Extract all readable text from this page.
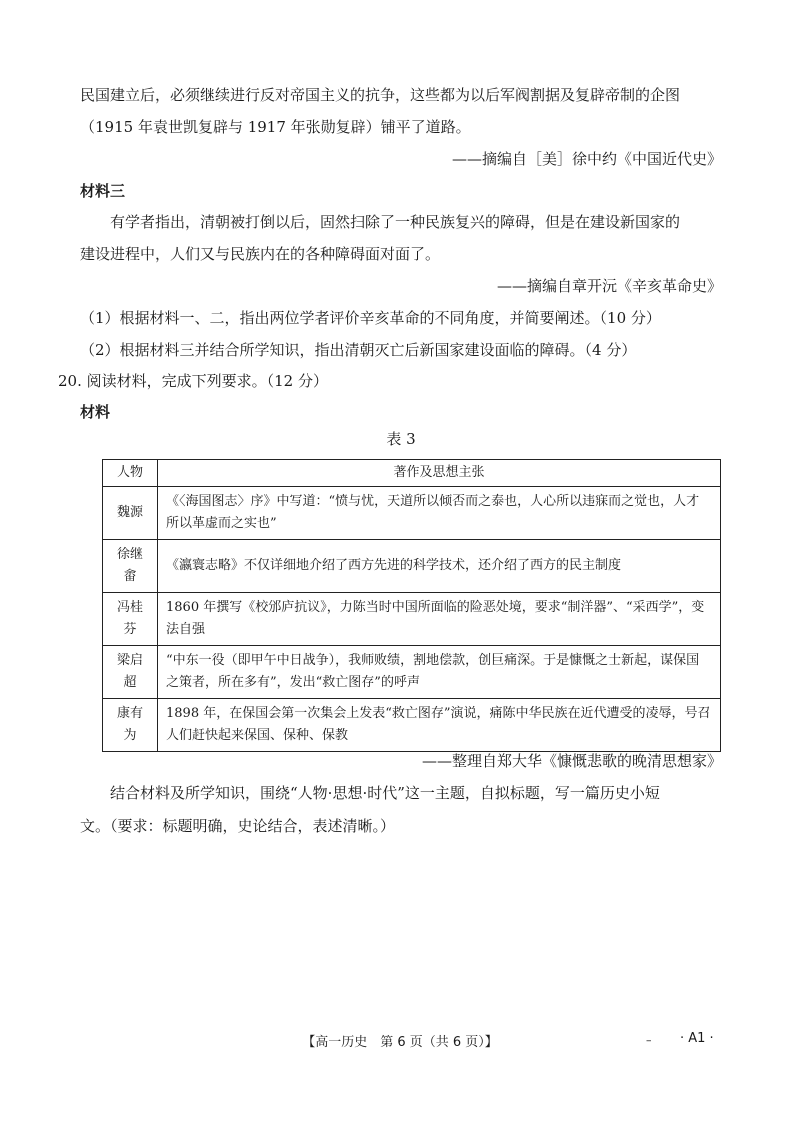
民国建立后，必须继续进行反对帝国主义的抗争，这些都为以后军阀割据及复辟帝制的企图
（1915 年袁世凯复辟与 1917 年张勋复辟）铺平了道路。
——摘编自［美］徐中约《中国近代史》
材料三
有学者指出，清朝被打倒以后，固然扫除了一种民族复兴的障碍，但是在建设新国家的
建设进程中，人们又与民族内在的各种障碍面对面了。
——摘编自章开沅《辛亥革命史》
（1）根据材料一、二，指出两位学者评价辛亥革命的不同角度，并简要阐述。（10 分）
（2）根据材料三并结合所学知识，指出清朝灭亡后新国家建设面临的障碍。（4 分）
20. 阅读材料，完成下列要求。（12 分）
材料
表 3
人物	著作及思想主张
魏源	《〈海国图志〉序》中写道：“愤与忧，天道所以倾否而之泰也，人心所以违寐而之觉也，人才所以革虚而之实也”
徐继畬	《瀛寰志略》不仅详细地介绍了西方先进的科学技术，还介绍了西方的民主制度
冯桂芬	1860 年撰写《校邠庐抗议》，力陈当时中国所面临的险恶处境，要求“制洋器”、“采西学”，变法自强
梁启超	“中东一役（即甲午中日战争），我师败绩，割地偿款，创巨痛深。于是慷慨之士新起，谋保国之策者，所在多有”，发出“救亡图存”的呼声
康有为	1898 年，在保国会第一次集会上发表“救亡图存”演说，痛陈中华民族在近代遭受的凌辱，号召人们赶快起来保国、保种、保教
——整理自郑大华《慷慨悲歌的晚清思想家》
结合材料及所学知识，围绕“人物·思想·时代”这一主题，自拟标题，写一篇历史小短
文。（要求：标题明确，史论结合，表述清晰。）
【高一历史　第 6 页（共 6 页）】	– · A1 ·
